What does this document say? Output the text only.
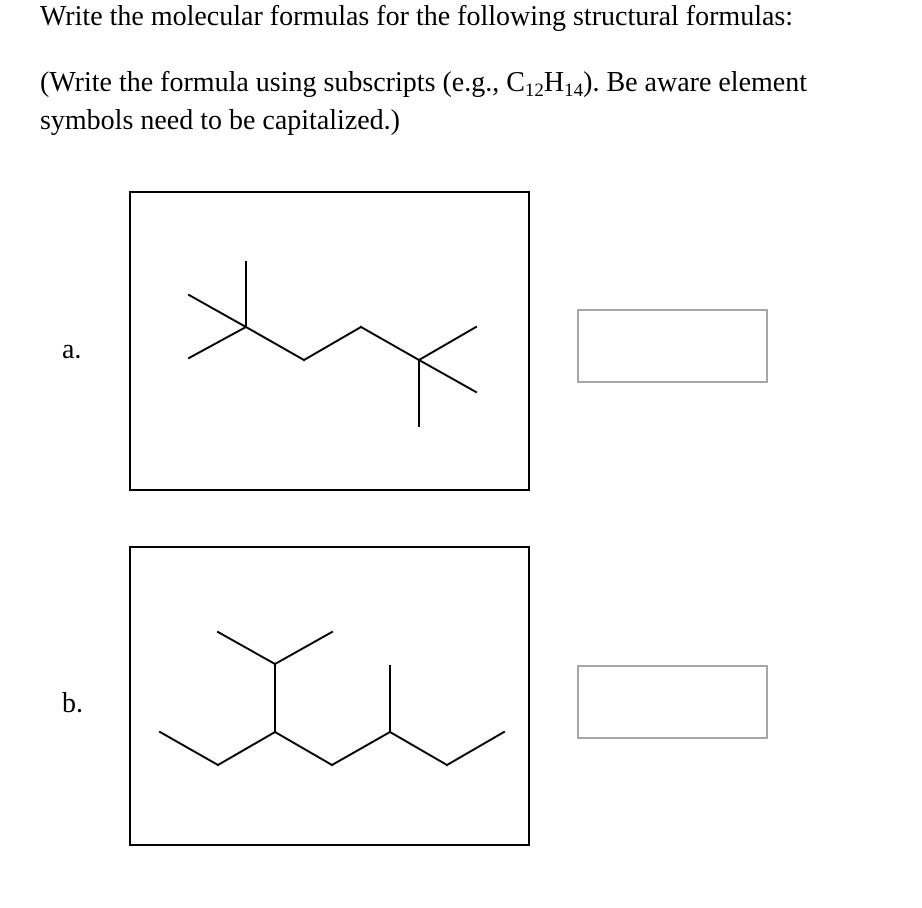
Write the molecular formulas for the following structural formulas:

(Write the formula using subscripts (e.g., $C_{12}H_{14}$). Be aware element symbols need to be capitalized.)

a.
b.
